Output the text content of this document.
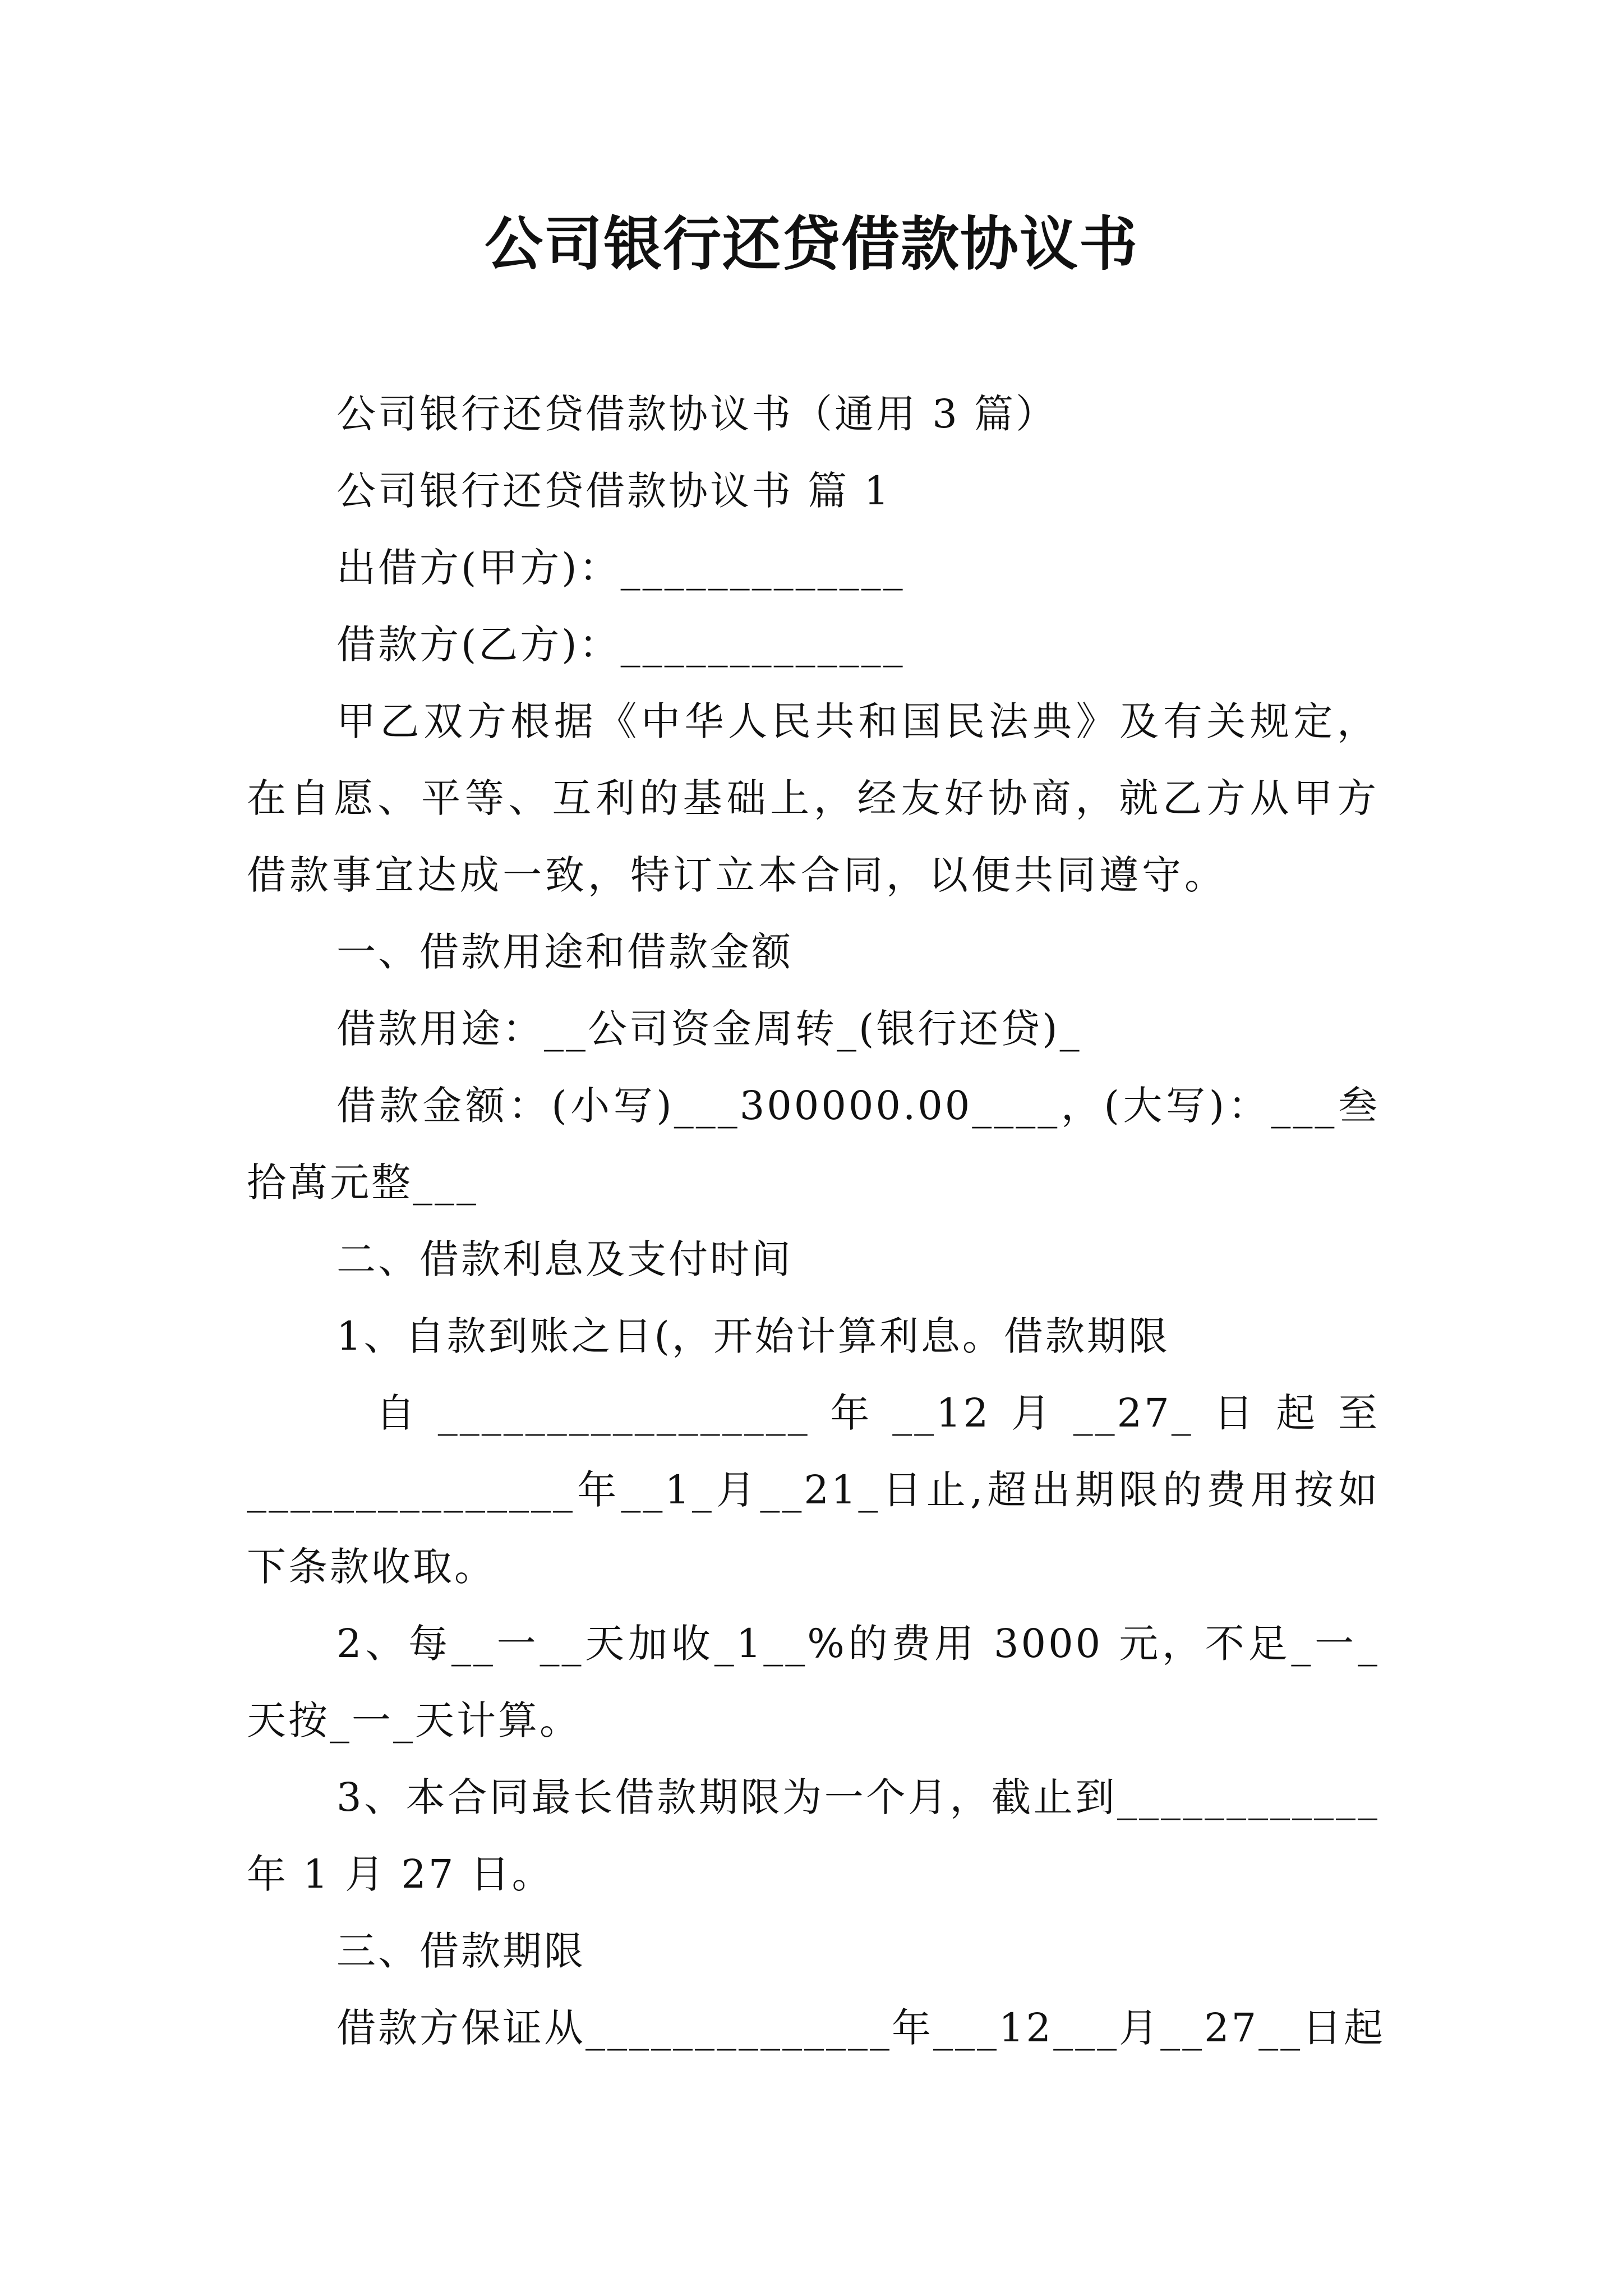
公司银行还贷借款协议书

公司银行还贷借款协议书（通用 3 篇）

公司银行还贷借款协议书 篇 1

出借方(甲方)：_____________

借款方(乙方)：_____________

甲乙双方根据《中华人民共和国民法典》及有关规定，在自愿、平等、互利的基础上，经友好协商，就乙方从甲方借款事宜达成一致，特订立本合同，以便共同遵守。

一、借款用途和借款金额

借款用途：__公司资金周转_(银行还贷)_

借款金额：(小写)___300000.00____，(大写)：___叁拾萬元整___

二、借款利息及支付时间

1、自款到账之日(，开始计算利息。借款期限

自 _________________ 年 __12 月 __27_ 日 起 至

_______________年__1_月__21_日止,超出期限的费用按如下条款收取。

2、每__一__天加收_1__%的费用 3000 元，不足_一_天按_一_天计算。

3、本合同最长借款期限为一个月，截止到____________年 1 月 27 日。

三、借款期限

借款方保证从______________年___12___月__27__日起
